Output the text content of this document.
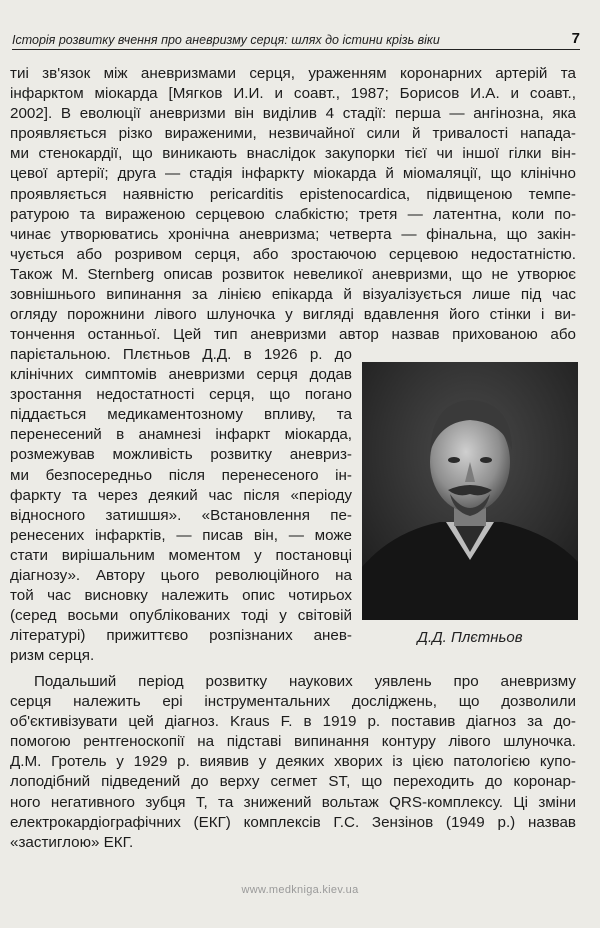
Історія розвитку вчення про аневризму серця: шлях до істини крізь віки	7
тиі зв'язок між аневризмами серця, ураженням коронарних артерій та
інфарктом міокарда [Мягков И.И. и соавт., 1987; Борисов И.А. и соавт.,
2002]. В еволюції аневризми він виділив 4 стадії: перша — ангінозна, яка
проявляється різко вираженими, незвичайної сили й тривалості напада-
ми стенокардії, що виникають внаслідок закупорки тієї чи іншої гілки він-
цевої артерії; друга — стадія інфаркту міокарда й міомаляції, що клінічно
проявляється наявністю pericarditis epistenocardica, підвищеною темпе-
ратурою та вираженою серцевою слабкістю; третя — латентна, коли по-
чинає утворюватись хронічна аневризма; четверта — фінальна, що закін-
чується або розривом серця, або зростаючою серцевою недостатністю.
Також M. Sternberg описав розвиток невеликої аневризми, що не утворює
зовнішнього випинання за лінією епікарда й візуалізується лише під час
огляду порожнини лівого шлуночка у вигляді вдавлення його стінки і ви-
тончення останньої. Цей тип аневризми автор назвав прихованою або
парієтальною. Плєтньов Д.Д. в 1926 р. до
клінічних симптомів аневризми серця додав
зростання недостатності серця, що погано
піддається медикаментозному впливу, та
перенесений в анамнезі інфаркт міокарда,
розмежував можливість розвитку аневриз-
ми безпосередньо після перенесеного ін-
фаркту та через деякий час після «періоду
відносного затишшя». «Встановлення пе-
ренесених інфарктів, — писав він, — може
стати вирішальним моментом у постановці
діагнозу». Автору цього революційного на
той час висновку належить опис чотирьох
(серед восьми опублікованих тоді у світовій
літературі) прижиттєво розпізнаних анев-
ризм серця.
Д.Д. Плєтньов
Подальший період розвитку наукових уявлень про аневризму
серця належить ері інструментальних досліджень, що дозволили
об'єктивізувати цей діагноз. Kraus F. в 1919 р. поставив діагноз за до-
помогою рентгеноскопії на підставі випинання контуру лівого шлуночка.
Д.М. Гротель у 1929 р. виявив у деяких хворих із цією патологією купо-
лоподібний підведений до верху сегмет ST, що переходить до коронар-
ного негативного зубця T, та знижений вольтаж QRS-комплексу. Ці зміни
електрокардіографічних (ЕКГ) комплексів Г.С. Зензінов (1949 р.) назвав
«застиглою» ЕКГ.
www.medkniga.kiev.ua
